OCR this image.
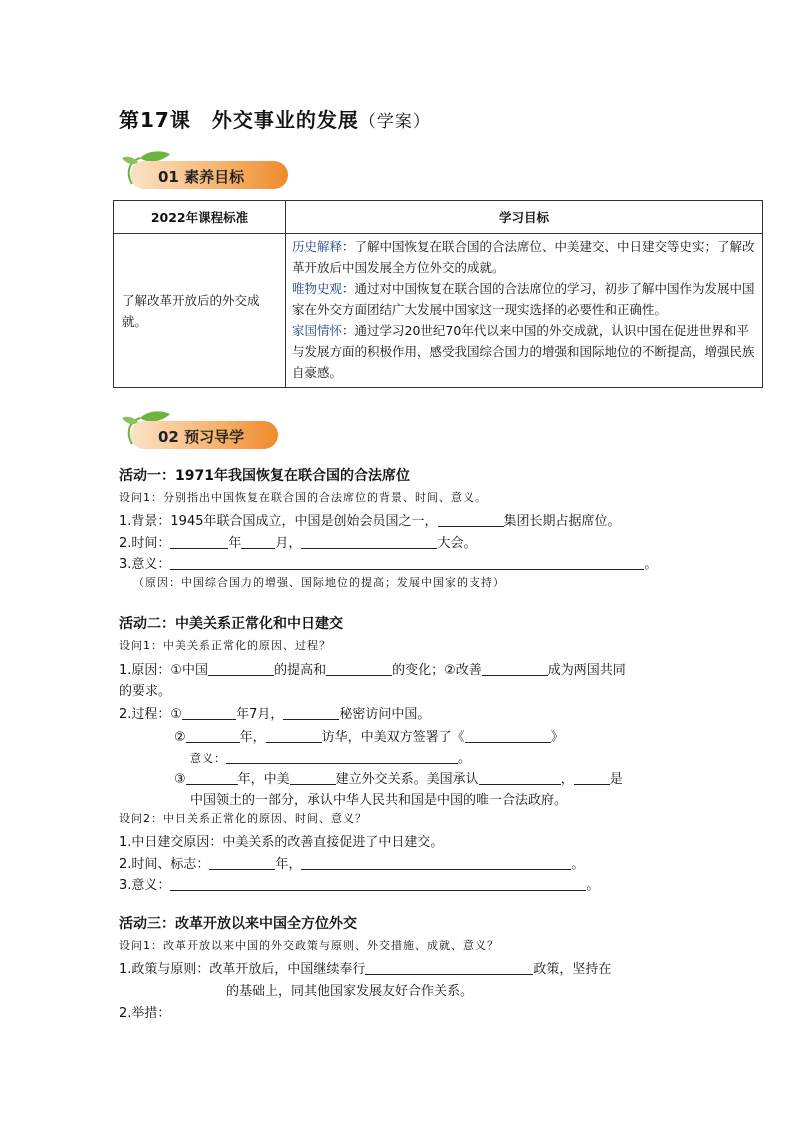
第17课　外交事业的发展（学案）
01 素养目标
2022年课程标准	学习目标
了解改革开放后的外交成就。	历史解释：了解中国恢复在联合国的合法席位、中美建交、中日建交等史实；了解改革开放后中国发展全方位外交的成就。
唯物史观：通过对中国恢复在联合国的合法席位的学习，初步了解中国作为发展中国家在外交方面团结广大发展中国家这一现实选择的必要性和正确性。
家国情怀：通过学习20世纪70年代以来中国的外交成就，认识中国在促进世界和平与发展方面的积极作用，感受我国综合国力的增强和国际地位的不断提高，增强民族自豪感。
02 预习导学
活动一：1971年我国恢复在联合国的合法席位
设问1：分别指出中国恢复在联合国的合法席位的背景、时间、意义。
1.背景：1945年联合国成立，中国是创始会员国之一，	集团长期占据席位。
2.时间：	年	月，	大会。
3.意义：	。
（原因：中国综合国力的增强、国际地位的提高；发展中国家的支持）
活动二：中美关系正常化和中日建交
设问1：中美关系正常化的原因、过程？
1.原因：①中国	的提高和	的变化；②改善	成为两国共同
的要求。
2.过程：①	年7月，	秘密访问中国。
②	年，	访华，中美双方签署了《	》
意义：	。
③	年，中美	建立外交关系。美国承认	，	是
中国领土的一部分，承认中华人民共和国是中国的唯一合法政府。
设问2：中日关系正常化的原因、时间、意义？
1.中日建交原因：中美关系的改善直接促进了中日建交。
2.时间、标志：	年，	。
3.意义：	。
活动三：改革开放以来中国全方位外交
设问1：改革开放以来中国的外交政策与原则、外交措施、成就、意义？
1.政策与原则：改革开放后，中国继续奉行	政策，坚持在
的基础上，同其他国家发展友好合作关系。
2.举措：
